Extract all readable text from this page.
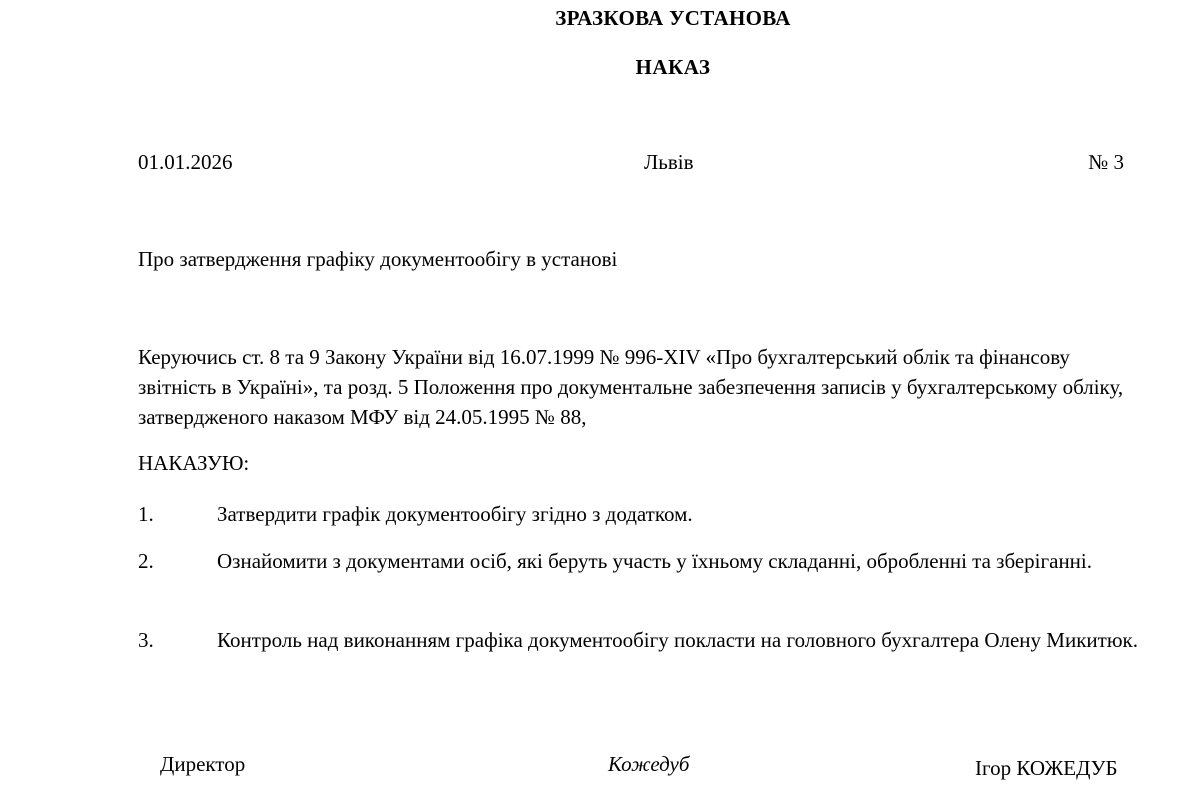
ЗРАЗКОВА УСТАНОВА
НАКАЗ
01.01.2026	Львів	№ 3
Про затвердження графіку документообігу в установі
Керуючись ст. 8 та 9 Закону України від 16.07.1999 № 996-XIV «Про бухгалтерський облік та фінансову звітність в Україні», та розд. 5 Положення про документальне забезпечення записів у бухгалтерському обліку, затвердженого наказом МФУ від 24.05.1995 № 88,
НАКАЗУЮ:
1.	Затвердити графік документообігу згідно з додатком.
2.	Ознайомити з документами осіб, які беруть участь у їхньому складанні, обробленні та зберіганні.
3.	Контроль над виконанням графіка документообігу покласти на головного бухгалтера Олену Микитюк.
Директор	Кожедуб	Ігор КОЖЕДУБ
